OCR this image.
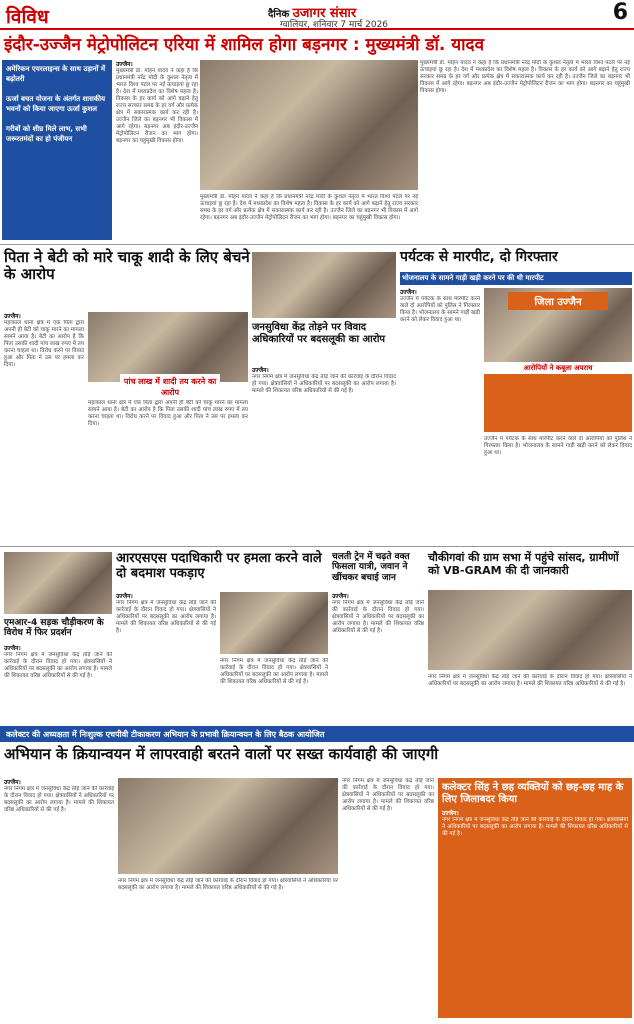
विविध	दैनिक उजागर संसार
ग्वालियर, शनिवार 7 मार्च 2026	6
इंदौर-उज्जैन मेट्रोपोलिटन एरिया में शामिल होगा बड़नगर : मुख्यमंत्री डॉ. यादव
अमेरिकन एयरलाइन्स के साथ उड़ानों में बढ़ोतरी
ऊर्जा बचत योजना के अंतर्गत शासकीय भवनों को किया जाएगा ऊर्जा कुशल
गरीबों को शीघ्र मिले लाभ, सभी जरूरतमंदों का हो पंजीयन
उज्जैन।
मुख्यमंत्री डॉ. मोहन यादव ने कहा है कि प्रधानमंत्री नरेंद्र मोदी के कुशल नेतृत्व में भारत विश्व पटल पर नई ऊंचाइयां छू रहा है। देश में मध्यप्रदेश का विशेष महत्व है। विकास के हर कार्य को आगे बढ़ाने हेतु राज्य सरकार समग्र के हर वर्ग और प्रत्येक क्षेत्र में सकारात्मक कार्य कर रही है। उज्जैन जिले का बड़नगर भी विकास में आगे रहेगा। बड़नगर अब इंदौर-उज्जैन मेट्रोपोलिटन रीजन का भाग होगा। बड़नगर का चहुंमुखी विकास होगा।
मुख्यमंत्री डॉ. मोहन यादव ने कहा है कि प्रधानमंत्री नरेंद्र मोदी के कुशल नेतृत्व में भारत विश्व पटल पर नई ऊंचाइयां छू रहा है। देश में मध्यप्रदेश का विशेष महत्व है। विकास के हर कार्य को आगे बढ़ाने हेतु राज्य सरकार समग्र के हर वर्ग और प्रत्येक क्षेत्र में सकारात्मक कार्य कर रही है। उज्जैन जिले का बड़नगर भी विकास में आगे रहेगा। बड़नगर अब इंदौर-उज्जैन मेट्रोपोलिटन रीजन का भाग होगा। बड़नगर का चहुंमुखी विकास होगा।
मुख्यमंत्री डॉ. मोहन यादव ने कहा है कि प्रधानमंत्री नरेंद्र मोदी के कुशल नेतृत्व में भारत विश्व पटल पर नई ऊंचाइयां छू रहा है। देश में मध्यप्रदेश का विशेष महत्व है। विकास के हर कार्य को आगे बढ़ाने हेतु राज्य सरकार समग्र के हर वर्ग और प्रत्येक क्षेत्र में सकारात्मक कार्य कर रही है। उज्जैन जिले का बड़नगर भी विकास में आगे रहेगा। बड़नगर अब इंदौर-उज्जैन मेट्रोपोलिटन रीजन का भाग होगा। बड़नगर का चहुंमुखी विकास होगा।
पिता ने बेटी को मारे चाकू शादी के लिए बेचने के आरोप
उज्जैन।
महाकाल थाना क्षेत्र में एक पिता द्वारा अपनी ही बेटी को चाकू मारने का मामला सामने आया है। बेटी का आरोप है कि पिता उसकी शादी पांच लाख रुपए में तय करना चाहता था। विरोध करने पर विवाद हुआ और पिता ने उस पर हमला कर दिया।
पांच लाख में शादी तय करने का आरोप
महाकाल थाना क्षेत्र में एक पिता द्वारा अपनी ही बेटी को चाकू मारने का मामला सामने आया है। बेटी का आरोप है कि पिता उसकी शादी पांच लाख रुपए में तय करना चाहता था। विरोध करने पर विवाद हुआ और पिता ने उस पर हमला कर दिया।
पर्यटक से मारपीट, दो गिरफ्तार
भोजनालय के सामने गाड़ी खड़ी करने पर की थी मारपीट
उज्जैन।
उज्जैन में पर्यटक के साथ मारपीट करने वाले दो आरोपियों को पुलिस ने गिरफ्तार किया है। भोजनालय के सामने गाड़ी खड़ी करने को लेकर विवाद हुआ था।
जिला उज्जैन
आरोपियों ने कबूला अपराध
उज्जैन में पर्यटक के साथ मारपीट करने वाले दो आरोपियों को पुलिस ने गिरफ्तार किया है। भोजनालय के सामने गाड़ी खड़ी करने को लेकर विवाद हुआ था।
जनसुविधा केंद्र तोड़ने पर विवाद अधिकारियों पर बदसलूकी का आरोप
उज्जैन।
नगर निगम क्षेत्र में जनसुविधा केंद्र तोड़े जाने की कार्रवाई के दौरान विवाद हो गया। क्षेत्रवासियों ने अधिकारियों पर बदसलूकी का आरोप लगाया है। मामले की शिकायत वरिष्ठ अधिकारियों से की गई है।
एमआर-4 सड़क चौड़ीकरण के विरोध में फिर प्रदर्शन
उज्जैन।
नगर निगम क्षेत्र में जनसुविधा केंद्र तोड़े जाने की कार्रवाई के दौरान विवाद हो गया। क्षेत्रवासियों ने अधिकारियों पर बदसलूकी का आरोप लगाया है। मामले की शिकायत वरिष्ठ अधिकारियों से की गई है।
आरएसएस पदाधिकारी पर हमला करने वाले दो बदमाश पकड़ाए
उज्जैन।
नगर निगम क्षेत्र में जनसुविधा केंद्र तोड़े जाने की कार्रवाई के दौरान विवाद हो गया। क्षेत्रवासियों ने अधिकारियों पर बदसलूकी का आरोप लगाया है। मामले की शिकायत वरिष्ठ अधिकारियों से की गई है।
नगर निगम क्षेत्र में जनसुविधा केंद्र तोड़े जाने की कार्रवाई के दौरान विवाद हो गया। क्षेत्रवासियों ने अधिकारियों पर बदसलूकी का आरोप लगाया है। मामले की शिकायत वरिष्ठ अधिकारियों से की गई है।
चलती ट्रेन में चढ़ते वक्त फिसला यात्री, जवान ने खींचकर बचाई जान
उज्जैन।
नगर निगम क्षेत्र में जनसुविधा केंद्र तोड़े जाने की कार्रवाई के दौरान विवाद हो गया। क्षेत्रवासियों ने अधिकारियों पर बदसलूकी का आरोप लगाया है। मामले की शिकायत वरिष्ठ अधिकारियों से की गई है।
चौकीगवां की ग्राम सभा में पहुंचे सांसद, ग्रामीणों को VB-GRAM की दी जानकारी
नगर निगम क्षेत्र में जनसुविधा केंद्र तोड़े जाने की कार्रवाई के दौरान विवाद हो गया। क्षेत्रवासियों ने अधिकारियों पर बदसलूकी का आरोप लगाया है। मामले की शिकायत वरिष्ठ अधिकारियों से की गई है।
कलेक्टर की अध्यक्षता में निःशुल्क एचपीवी टीकाकरण अभियान के प्रभावी क्रियान्वयन के लिए बैठक आयोजित
अभियान के क्रियान्वयन में लापरवाही बरतने वालों पर सख्त कार्यवाही की जाएगी
उज्जैन।
नगर निगम क्षेत्र में जनसुविधा केंद्र तोड़े जाने की कार्रवाई के दौरान विवाद हो गया। क्षेत्रवासियों ने अधिकारियों पर बदसलूकी का आरोप लगाया है। मामले की शिकायत वरिष्ठ अधिकारियों से की गई है।
नगर निगम क्षेत्र में जनसुविधा केंद्र तोड़े जाने की कार्रवाई के दौरान विवाद हो गया। क्षेत्रवासियों ने अधिकारियों पर बदसलूकी का आरोप लगाया है। मामले की शिकायत वरिष्ठ अधिकारियों से की गई है।
नगर निगम क्षेत्र में जनसुविधा केंद्र तोड़े जाने की कार्रवाई के दौरान विवाद हो गया। क्षेत्रवासियों ने अधिकारियों पर बदसलूकी का आरोप लगाया है। मामले की शिकायत वरिष्ठ अधिकारियों से की गई है।
कलेक्टर सिंह ने छह व्यक्तियों को छह-छह माह के लिए जिलाबदर किया
उज्जैन।
नगर निगम क्षेत्र में जनसुविधा केंद्र तोड़े जाने की कार्रवाई के दौरान विवाद हो गया। क्षेत्रवासियों ने अधिकारियों पर बदसलूकी का आरोप लगाया है। मामले की शिकायत वरिष्ठ अधिकारियों से की गई है।
